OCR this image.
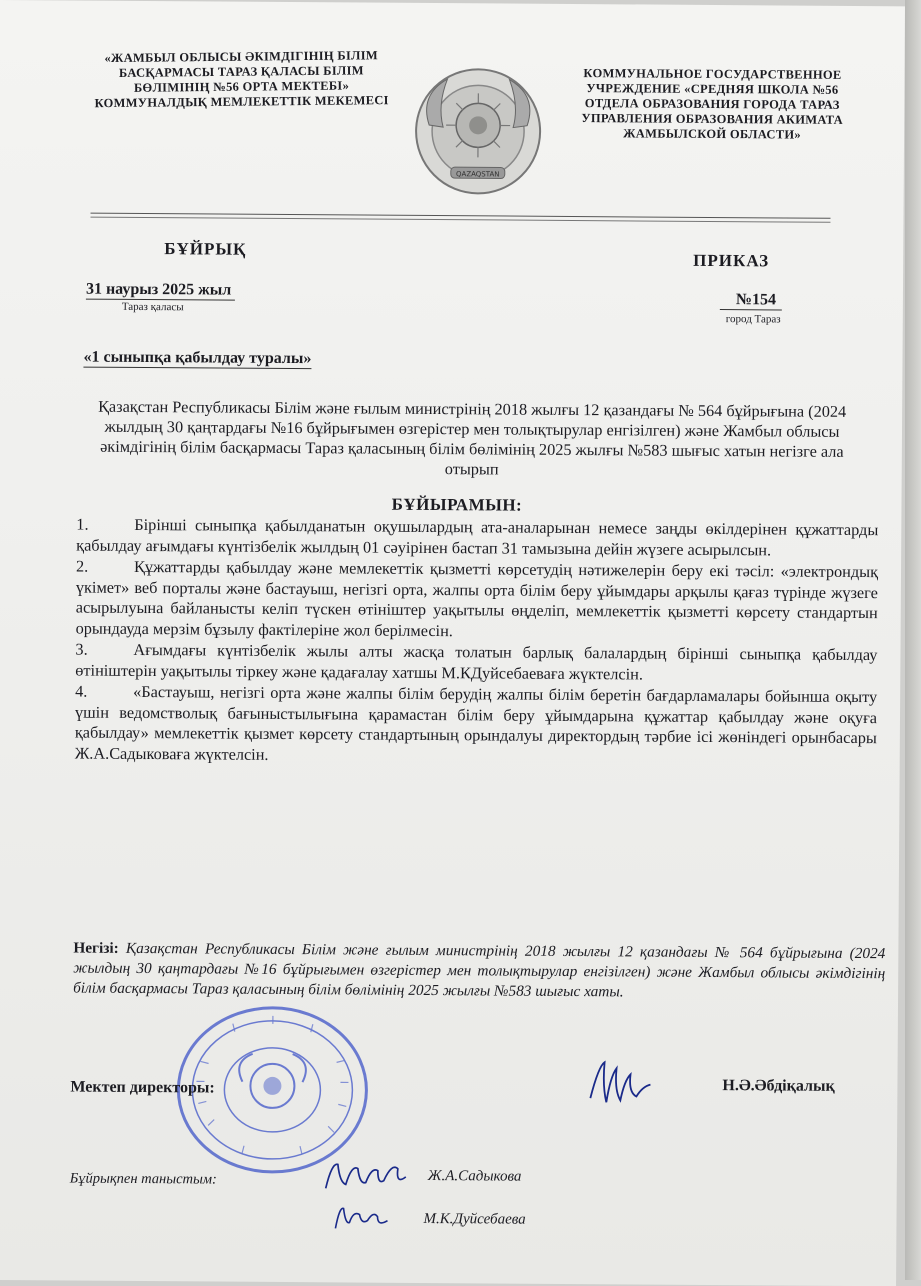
«ЖАМБЫЛ ОБЛЫСЫ ӘКІМДІГІНІҢ БІЛІМ БАСҚАРМАСЫ ТАРАЗ ҚАЛАСЫ БІЛІМ БӨЛІМІНІҢ №56 ОРТА МЕКТЕБІ» КОММУНАЛДЫҚ МЕМЛЕКЕТТІК МЕКЕМЕСІ
QAZAQSTAN
КОММУНАЛЬНОЕ ГОСУДАРСТВЕННОЕ УЧРЕЖДЕНИЕ «СРЕДНЯЯ ШКОЛА №56 ОТДЕЛА ОБРАЗОВАНИЯ ГОРОДА ТАРАЗ УПРАВЛЕНИЯ ОБРАЗОВАНИЯ АКИМАТА ЖАМБЫЛСКОЙ ОБЛАСТИ»
БҰЙРЫҚ
ПРИКАЗ
31 наурыз 2025 жыл
Тараз қаласы	№154
город Тараз
«1 сыныпқа қабылдау туралы»
Қазақстан Республикасы Білім және ғылым министрінің 2018 жылғы 12 қазандағы № 564 бұйрығына (2024 жылдың 30 қаңтардағы №16 бұйрығымен өзгерістер мен толықтырулар енгізілген) және Жамбыл облысы әкімдігінің білім басқармасы Тараз қаласының білім бөлімінің 2025 жылғы №583 шығыс хатын негізге ала отырып
БҰЙЫРАМЫН:
1.	Бірінші сыныпқа қабылданатын оқушылардың ата-аналарынан немесе заңды өкілдерінен құжаттарды қабылдау ағымдағы күнтізбелік жылдың 01 сәуірінен бастап 31 тамызына дейін жүзеге асырылсын.
2.	Құжаттарды қабылдау және мемлекеттік қызметті көрсетудің нәтижелерін беру екі тәсіл: «электрондық үкімет» веб порталы және бастауыш, негізгі орта, жалпы орта білім беру ұйымдары арқылы қағаз түрінде жүзеге асырылуына байланысты келіп түскен өтініштер уақытылы өңделіп, мемлекеттік қызметті көрсету стандартын орындауда мерзім бұзылу фактілеріне жол берілмесін.
3.	Ағымдағы күнтізбелік жылы алты жасқа толатын барлық балалардың бірінші сыныпқа қабылдау өтініштерін уақытылы тіркеу және қадағалау хатшы М.КДуйсебаеваға жүктелсін.
4.	«Бастауыш, негізгі орта және жалпы білім берудің жалпы білім беретін бағдарламалары бойынша оқыту үшін ведомстволық бағыныстылығына қарамастан білім беру ұйымдарына құжаттар қабылдау және оқуға қабылдау» мемлекеттік қызмет көрсету стандартының орындалуы директордың тәрбие ісі жөніндегі орынбасары Ж.А.Садыковаға жүктелсін.
Негізі: Қазақстан Республикасы Білім және ғылым министрінің 2018 жылғы 12 қазандағы № 564 бұйрығына (2024 жылдың 30 қаңтардағы №16 бұйрығымен өзгерістер мен толықтырулар енгізілген) және Жамбыл облысы әкімдігінің білім басқармасы Тараз қаласының білім бөлімінің 2025 жылғы №583 шығыс хаты.
Мектеп директоры:	Н.Ә.Әбдіқалық
Бұйрықпен таныстым:	Ж.А.Садыкова
М.К.Дуйсебаева
